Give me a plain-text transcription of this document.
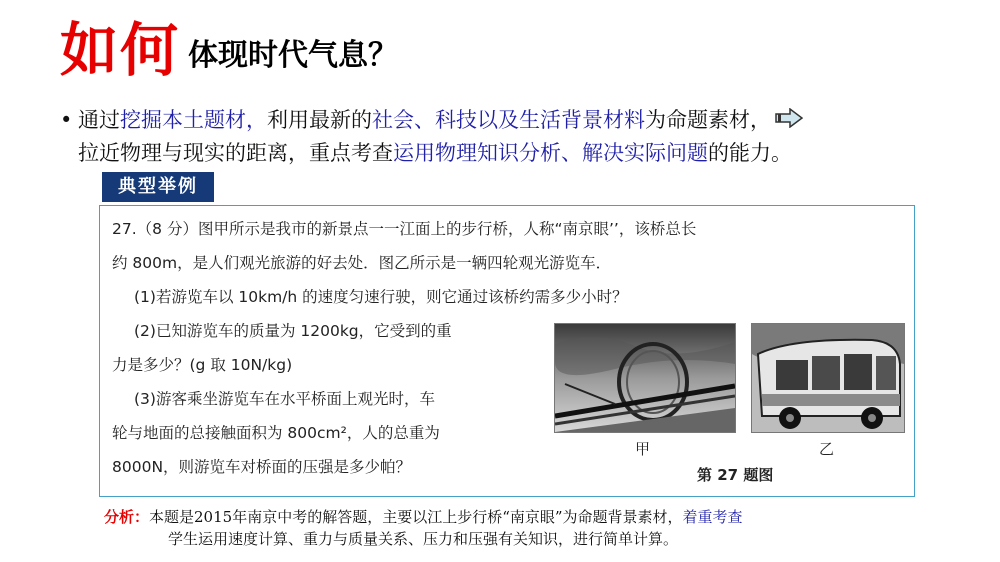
如何 体现时代气息？
• 通过挖掘本土题材，利用最新的社会、科技以及生活背景材料为命题素材，
拉近物理与现实的距离，重点考查运用物理知识分析、解决实际问题的能力。
典型举例

27.（8 分）图甲所示是我市的新景点一一江面上的步行桥，人称“南京眼’’，该桥总长

约 800m，是人们观光旅游的好去处．图乙所示是一辆四轮观光游览车．

(1)若游览车以 10km/h 的速度匀速行驶，则它通过该桥约需多少小时？

(2)已知游览车的质量为 1200kg，它受到的重

力是多少？(g 取 10N/kg)

(3)游客乘坐游览车在水平桥面上观光时，车

轮与地面的总接触面积为 800cm²，人的总重为

8000N，则游览车对桥面的压强是多少帕？

甲	乙
第 27 题图
分析：本题是2015年南京中考的解答题，主要以江上步行桥“南京眼”为命题背景素材，着重考查
学生运用速度计算、重力与质量关系、压力和压强有关知识，进行简单计算。
